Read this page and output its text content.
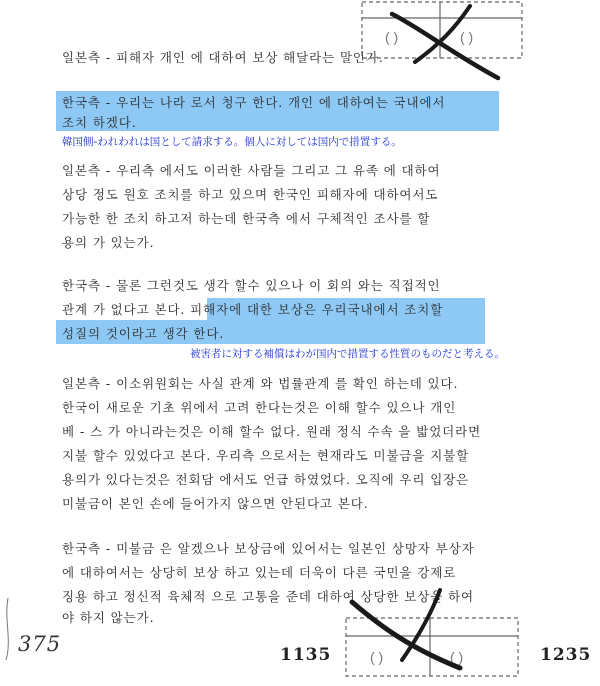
일본측 - 피해자 개인 에 대하여 보상 해달라는 말인가.
한국측 - 우리는 나라 로서 청구 한다. 개인 에 대하여는 국내에서
조치 하겠다.
韓国側-われわれは国として請求する。個人に対しては国内で措置する。
일본측 - 우리측 에서도 이러한 사람들 그리고 그 유족 에 대하여
상당 정도 원호 조치를 하고 있으며 한국인 피해자에 대하여서도
가능한 한 조치 하고저 하는데 한국측 에서 구체적인 조사를 할
용의 가 있는가.
한국측 - 물론 그런것도 생각 할수 있으나 이 회의 와는 직접적인
관계 가 없다고 본다. 피해자에 대한 보상은 우리국내에서 조치할
성질의 것이라고 생각 한다.
被害者に対する補償はわが国内で措置する性質のものだと考える。
일본측 - 이소위원회는 사실 관계 와 법률관계 를 확인 하는데 있다.
한국이 새로운 기초 위에서 고려 한다는것은 이해 할수 있으나 개인
베 - 스 가 아니라는것은 이해 할수 없다. 원래 정식 수속 을 밟었더라면
지불 할수 있었다고 본다. 우리측 으로서는 현재라도 미불금을 지불할
용의가 있다는것은 전회담 에서도 언급 하였었다. 오직에 우리 입장은
미불금이 본인 손에 들어가지 않으면 안된다고 본다.
한국측 - 미불금 은 알겠으나 보상금에 있어서는 일본인 상망자 부상자
에 대하여서는 상당히 보상 하고 있는데 더욱이 다른 국민을 강제로
징용 하고 정신적 육체적 으로 고통을 준데 대하여 상당한 보상을 하여
야 하지 않는가.
375	1135	1235
( )	( )
( )	( )
